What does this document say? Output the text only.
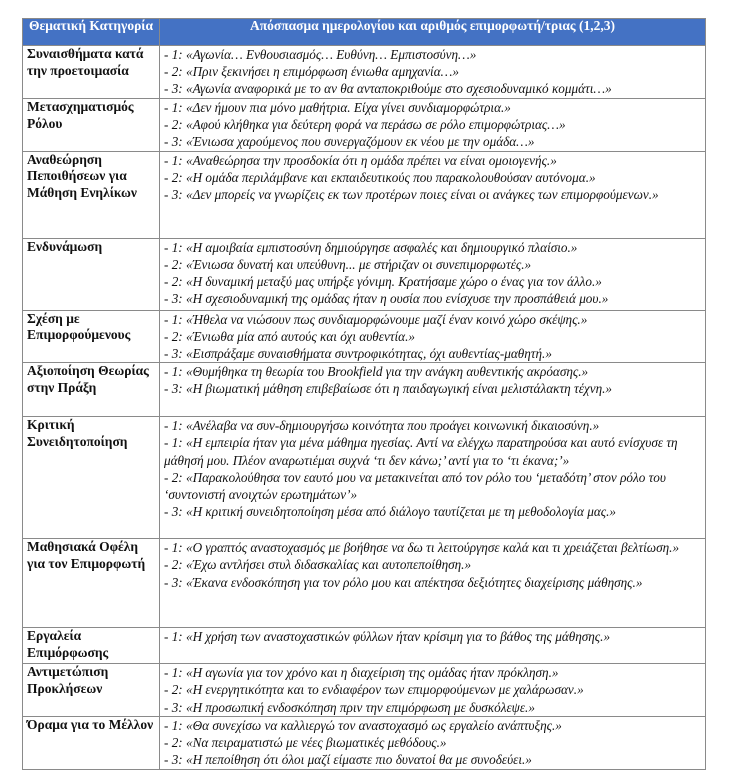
Θεματική Κατηγορία	Απόσπασμα ημερολογίου και αριθμός επιμορφωτή/τριας (1,2,3)
Συναισθήματα κατά την προετοιμασία	- 1: «Αγωνία… Ενθουσιασμός… Ευθύνη… Εμπιστοσύνη…»
- 2: «Πριν ξεκινήσει η επιμόρφωση ένιωθα αμηχανία…»
- 3: «Αγωνία αναφορικά με το αν θα ανταποκριθούμε στο σχεσιοδυναμικό κομμάτι…»

Μετασχηματισμός Ρόλου	- 1: «Δεν ήμουν πια μόνο μαθήτρια. Είχα γίνει συνδιαμορφώτρια.»
- 2: «Αφού κλήθηκα για δεύτερη φορά να περάσω σε ρόλο επιμορφώτριας…»
- 3: «Ένιωσα χαρούμενος που συνεργαζόμουν εκ νέου με την ομάδα…»

Αναθεώρηση Πεποιθήσεων για Μάθηση Ενηλίκων	- 1: «Αναθεώρησα την προσδοκία ότι η ομάδα πρέπει να είναι ομοιογενής.»
- 2: «Η ομάδα περιλάμβανε και εκπαιδευτικούς που παρακολουθούσαν αυτόνομα.»
- 3: «Δεν μπορείς να γνωρίζεις εκ των προτέρων ποιες είναι οι ανάγκες των επιμορφούμενων.»

Ενδυνάμωση	- 1: «Η αμοιβαία εμπιστοσύνη δημιούργησε ασφαλές και δημιουργικό πλαίσιο.»
- 2: «Ένιωσα δυνατή και υπεύθυνη... με στήριζαν οι συνεπιμορφωτές.»
- 2: «Η δυναμική μεταξύ μας υπήρξε γόνιμη. Κρατήσαμε χώρο ο ένας για τον άλλο.»
- 3: «Η σχεσιοδυναμική της ομάδας ήταν η ουσία που ενίσχυσε την προσπάθειά μου.»

Σχέση με Επιμορφούμενους	- 1: «Ήθελα να νιώσουν πως συνδιαμορφώνουμε μαζί έναν κοινό χώρο σκέψης.»
- 2: «Ένιωθα μία από αυτούς και όχι αυθεντία.»
- 3: «Εισπράξαμε συναισθήματα συντροφικότητας, όχι αυθεντίας-μαθητή.»

Αξιοποίηση Θεωρίας στην Πράξη	- 1: «Θυμήθηκα τη θεωρία του Brookfield για την ανάγκη αυθεντικής ακρόασης.»
- 3: «Η βιωματική μάθηση επιβεβαίωσε ότι η παιδαγωγική είναι μελιστάλακτη τέχνη.»

Κριτική Συνειδητοποίηση	- 1: «Ανέλαβα να συν-δημιουργήσω κοινότητα που προάγει κοινωνική δικαιοσύνη.»
- 1: «Η εμπειρία ήταν για μένα μάθημα ηγεσίας. Αντί να ελέγχω παρατηρούσα και αυτό ενίσχυσε τη μάθησή μου. Πλέον αναρωτιέμαι συχνά ‘τι δεν κάνω;’ αντί για το ‘τι έκανα;’»
- 2: «Παρακολούθησα τον εαυτό μου να μετακινείται από τον ρόλο του ‘μεταδότη’ στον ρόλο του ‘συντονιστή ανοιχτών ερωτημάτων’»
- 3: «Η κριτική συνειδητοποίηση μέσα από διάλογο ταυτίζεται με τη μεθοδολογία μας.»

Μαθησιακά Οφέλη για τον Επιμορφωτή	- 1: «Ο γραπτός αναστοχασμός με βοήθησε να δω τι λειτούργησε καλά και τι χρειάζεται βελτίωση.»
- 2: «Έχω αντλήσει στυλ διδασκαλίας και αυτοπεποίθηση.»
- 3: «Έκανα ενδοσκόπηση για τον ρόλο μου και απέκτησα δεξιότητες διαχείρισης μάθησης.»

Εργαλεία Επιμόρφωσης	- 1: «Η χρήση των αναστοχαστικών φύλλων ήταν κρίσιμη για το βάθος της μάθησης.»

Αντιμετώπιση Προκλήσεων	- 1: «Η αγωνία για τον χρόνο και η διαχείριση της ομάδας ήταν πρόκληση.»
- 2: «Η ενεργητικότητα και το ενδιαφέρον των επιμορφούμενων με χαλάρωσαν.»
- 3: «Η προσωπική ενδοσκόπηση πριν την επιμόρφωση με δυσκόλεψε.»

Όραμα για το Μέλλον	- 1: «Θα συνεχίσω να καλλιεργώ τον αναστοχασμό ως εργαλείο ανάπτυξης.»
- 2: «Να πειραματιστώ με νέες βιωματικές μεθόδους.»
- 3: «Η πεποίθηση ότι όλοι μαζί είμαστε πιο δυνατοί θα με συνοδεύει.»
